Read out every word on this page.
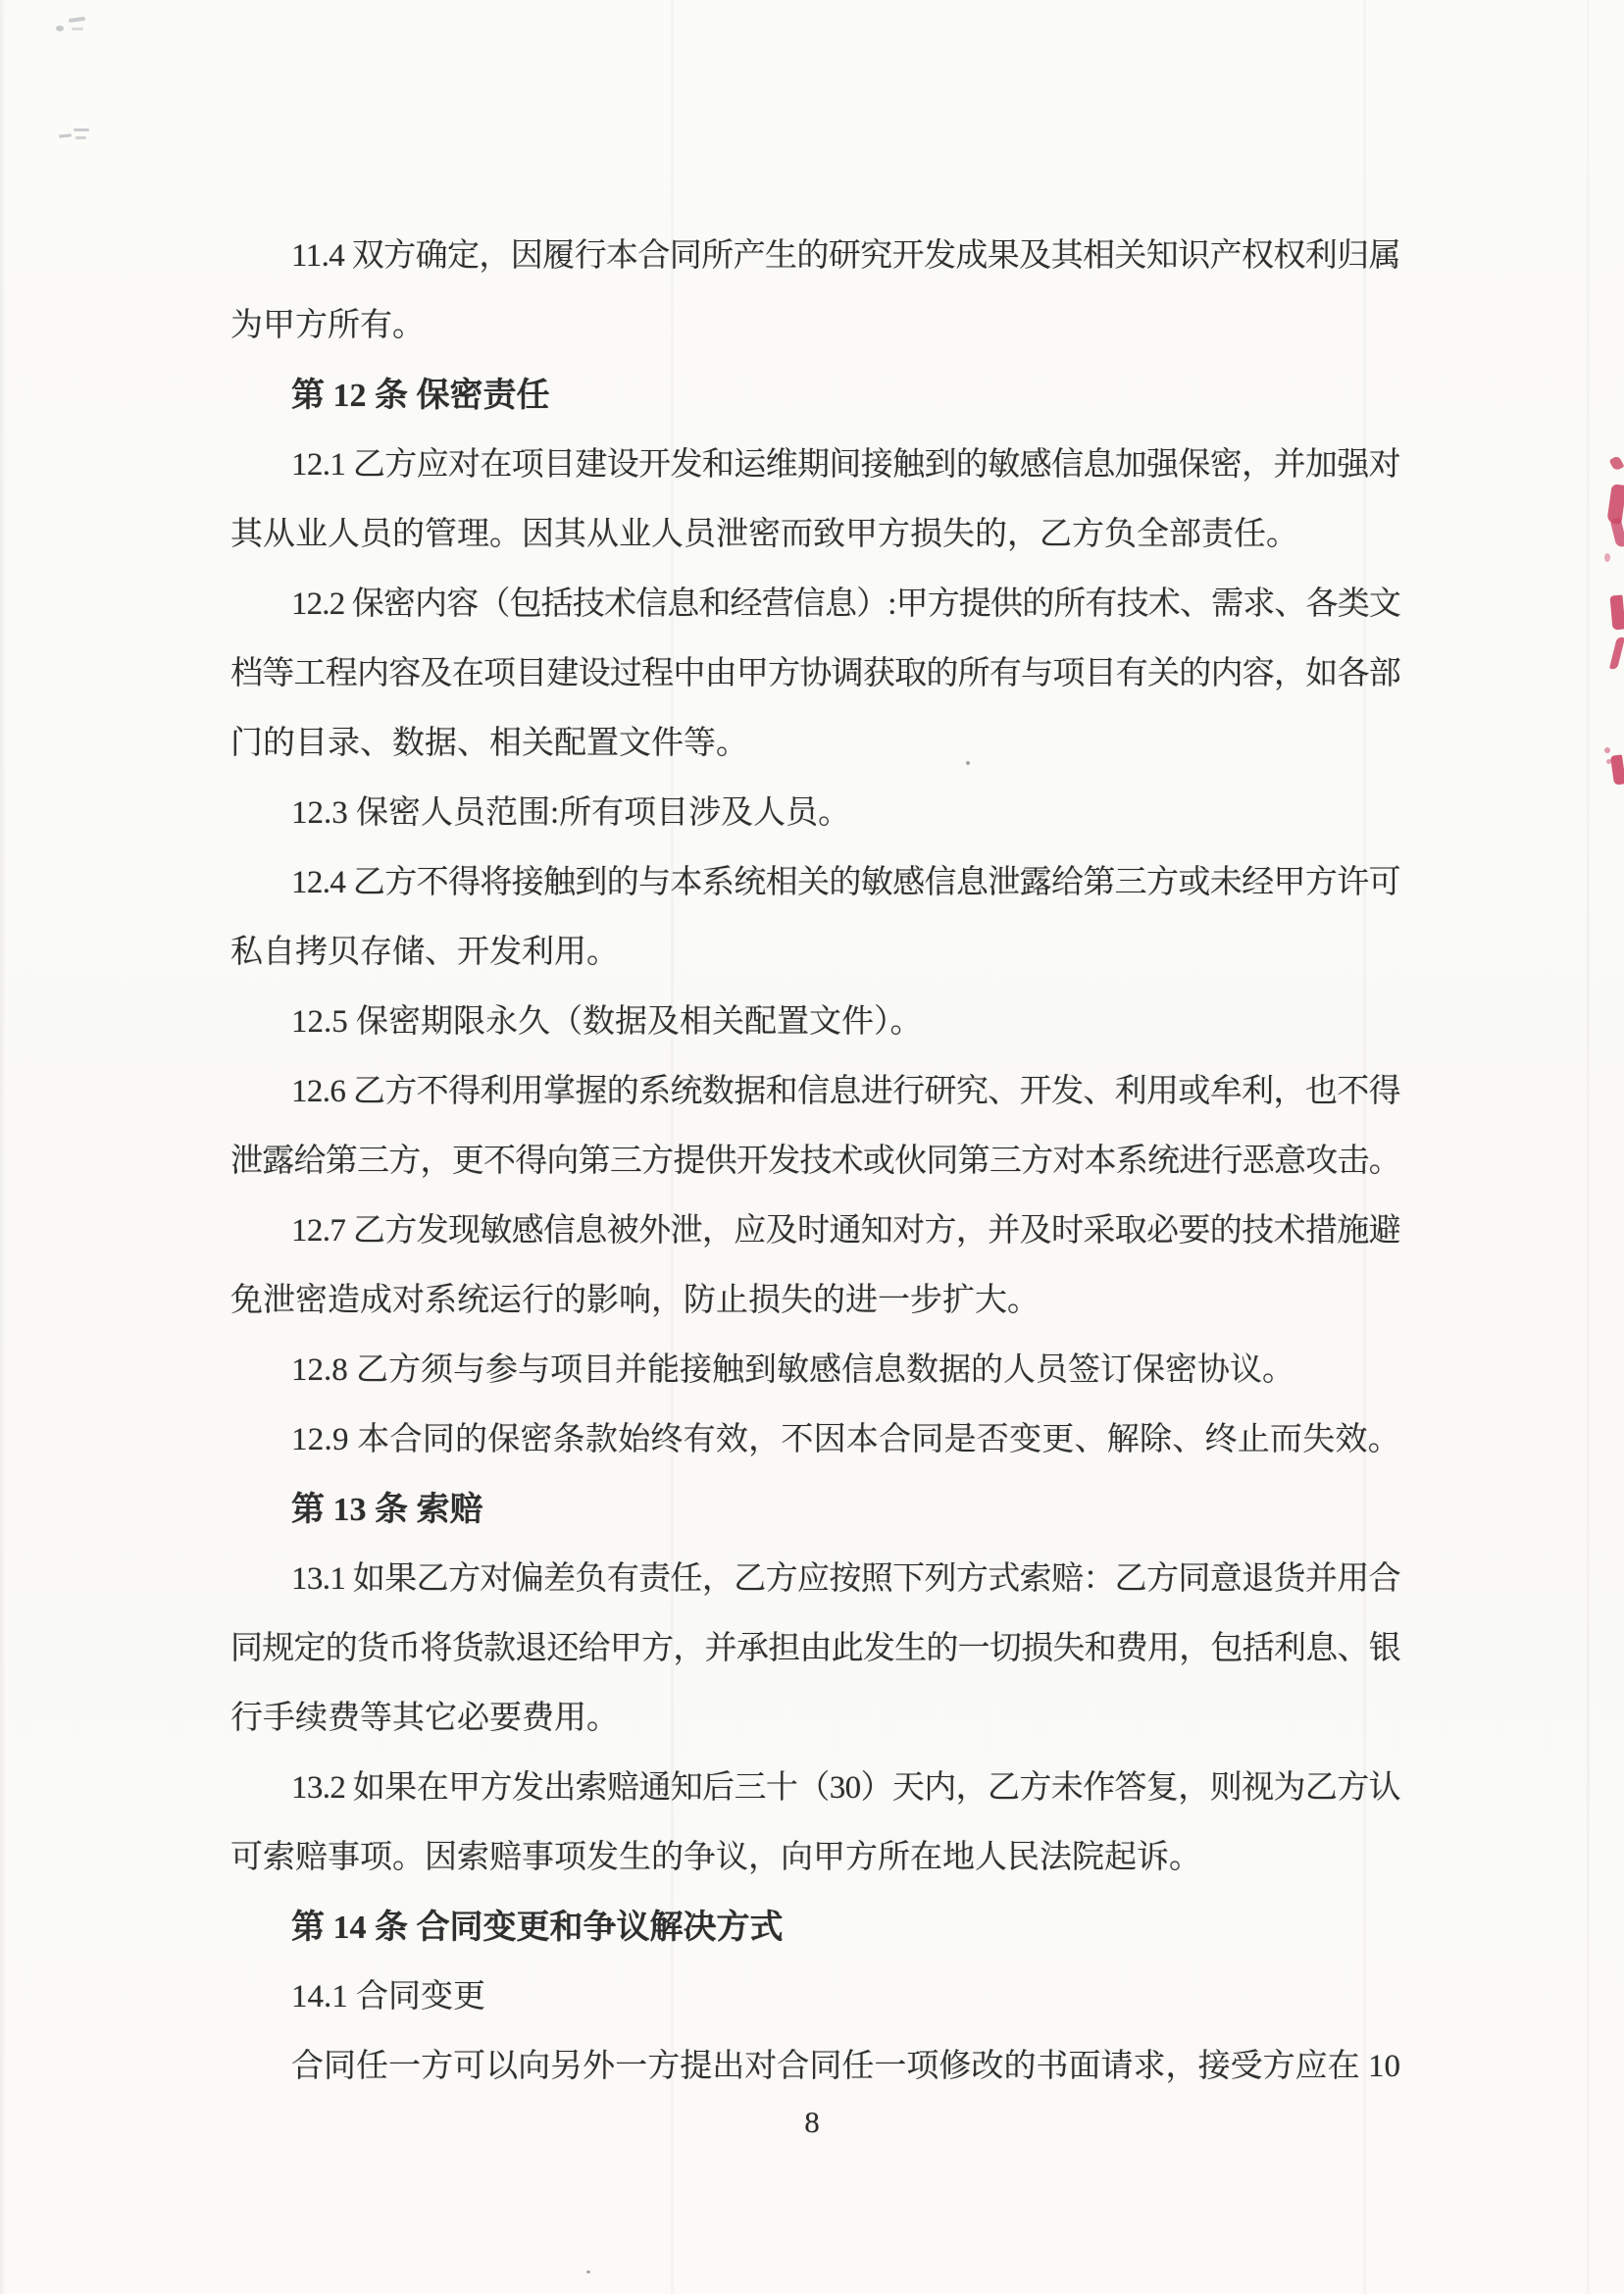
11.4 双方确定，因履行本合同所产生的研究开发成果及其相关知识产权权利归属
为甲方所有。
第 12 条 保密责任
12.1 乙方应对在项目建设开发和运维期间接触到的敏感信息加强保密，并加强对
其从业人员的管理。因其从业人员泄密而致甲方损失的，乙方负全部责任。
12.2 保密内容（包括技术信息和经营信息）:甲方提供的所有技术、需求、各类文
档等工程内容及在项目建设过程中由甲方协调获取的所有与项目有关的内容，如各部
门的目录、数据、相关配置文件等。
12.3 保密人员范围:所有项目涉及人员。
12.4 乙方不得将接触到的与本系统相关的敏感信息泄露给第三方或未经甲方许可
私自拷贝存储、开发利用。
12.5 保密期限永久（数据及相关配置文件）。
12.6 乙方不得利用掌握的系统数据和信息进行研究、开发、利用或牟利，也不得
泄露给第三方，更不得向第三方提供开发技术或伙同第三方对本系统进行恶意攻击。
12.7 乙方发现敏感信息被外泄，应及时通知对方，并及时采取必要的技术措施避
免泄密造成对系统运行的影响，防止损失的进一步扩大。
12.8 乙方须与参与项目并能接触到敏感信息数据的人员签订保密协议。
12.9 本合同的保密条款始终有效，不因本合同是否变更、解除、终止而失效。
第 13 条 索赔
13.1 如果乙方对偏差负有责任，乙方应按照下列方式索赔：乙方同意退货并用合
同规定的货币将货款退还给甲方，并承担由此发生的一切损失和费用，包括利息、银
行手续费等其它必要费用。
13.2 如果在甲方发出索赔通知后三十（30）天内，乙方未作答复，则视为乙方认
可索赔事项。因索赔事项发生的争议，向甲方所在地人民法院起诉。
第 14 条 合同变更和争议解决方式
14.1 合同变更
合同任一方可以向另外一方提出对合同任一项修改的书面请求，接受方应在 10
8
